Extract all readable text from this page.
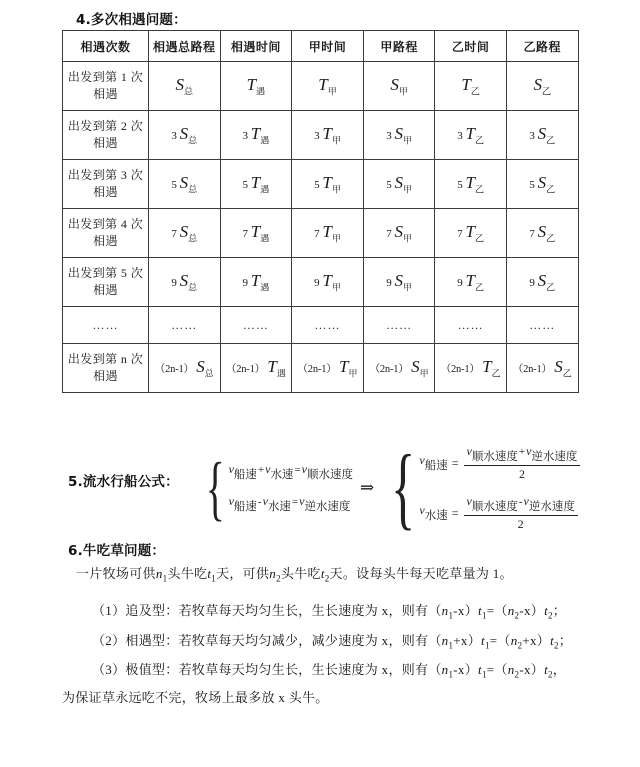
4.多次相遇问题：
相遇次数	相遇总路程	相遇时间	甲时间	甲路程	乙时间	乙路程
出发到第 1 次
相遇	$S_总$	$T_遇$	$T_甲$	$S_甲$	$T_乙$	$S_乙$
出发到第 2 次
相遇	3 $S_总$	3 $T_遇$	3 $T_甲$	3 $S_甲$	3 $T_乙$	3 $S_乙$
出发到第 3 次
相遇	5 $S_总$	5 $T_遇$	5 $T_甲$	5 $S_甲$	5 $T_乙$	5 $S_乙$
出发到第 4 次
相遇	7 $S_总$	7 $T_遇$	7 $T_甲$	7 $S_甲$	7 $T_乙$	7 $S_乙$
出发到第 5 次
相遇	9 $S_总$	9 $T_遇$	9 $T_甲$	9 $S_甲$	9 $T_乙$	9 $S_乙$
……	……	……	……	……	……	……
出发到第 n 次
相遇	（2n-1） $S_总$	（2n-1） $T_遇$	（2n-1） $T_甲$	（2n-1） $S_甲$	（2n-1） $T_乙$	（2n-1） $S_乙$
5.流水行船公式： { v船速+v水速=v顺水速度
v船速-v水速=v逆水速度
⇒ { v船速 = $\frac{\text{v顺水速度+v逆水速度}}{2}$
v水速 = $\frac{\text{v顺水速度-v逆水速度}}{2}$
6.牛吃草问题：
一片牧场可供$n_1$头牛吃$t_1$天，可供$n_2$头牛吃$t_2$天。设每头牛每天吃草量为 1。
（1）追及型：若牧草每天均匀生长，生长速度为 x，则有$(n_1-x)t_1=(n_2-x)t_2$；
（2）相遇型：若牧草每天均匀减少，减少速度为 x，则有$(n_1+x)t_1=(n_2+x)t_2$；
（3）极值型：若牧草每天均匀生长，生长速度为 x，则有$(n_1-x)t_1=(n_2-x)t_2$，
为保证草永远吃不完，牧场上最多放 x 头牛。
